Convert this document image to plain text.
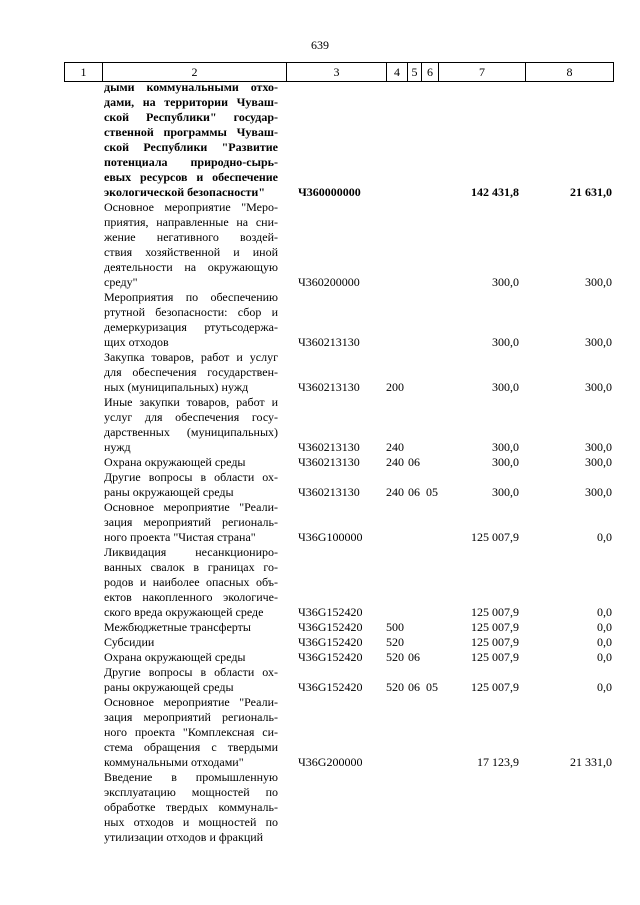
639
1	2	3	4 5 6	7	8
дыми коммунальными отхо-
дами, на территории Чуваш-
ской Республики" государ-
ственной программы Чуваш-
ской Республики "Развитие
потенциала природно-сырь-
евых ресурсов и обеспечение
экологической безопасности"	Ч360000000	142 431,8	21 631,0
Основное мероприятие "Меро-
приятия, направленные на сни-
жение негативного воздей-
ствия хозяйственной и иной
деятельности на окружающую
среду"	Ч360200000	300,0	300,0
Мероприятия по обеспечению
ртутной безопасности: сбор и
демеркуризация ртутьсодержа-
щих отходов	Ч360213130	300,0	300,0
Закупка товаров, работ и услуг
для обеспечения государствен-
ных (муниципальных) нужд	Ч360213130 200	300,0	300,0
Иные закупки товаров, работ и
услуг для обеспечения госу-
дарственных (муниципальных)
нужд	Ч360213130 240	300,0	300,0
Охрана окружающей среды	Ч360213130 240 06	300,0	300,0
Другие вопросы в области ох-
раны окружающей среды	Ч360213130 240 06 05	300,0	300,0
Основное мероприятие "Реали-
зация мероприятий региональ-
ного проекта "Чистая страна"	Ч36G100000	125 007,9	0,0
Ликвидация несанкциониро-
ванных свалок в границах го-
родов и наиболее опасных объ-
ектов накопленного экологиче-
ского вреда окружающей среде	Ч36G152420	125 007,9	0,0
Межбюджетные трансферты	Ч36G152420 500	125 007,9	0,0
Субсидии	Ч36G152420 520	125 007,9	0,0
Охрана окружающей среды	Ч36G152420 520 06	125 007,9	0,0
Другие вопросы в области ох-
раны окружающей среды	Ч36G152420 520 06 05	125 007,9	0,0
Основное мероприятие "Реали-
зация мероприятий региональ-
ного проекта "Комплексная си-
стема обращения с твердыми
коммунальными отходами"	Ч36G200000	17 123,9	21 331,0
Введение в промышленную
эксплуатацию мощностей по
обработке твердых коммуналь-
ных отходов и мощностей по
утилизации отходов и фракций
